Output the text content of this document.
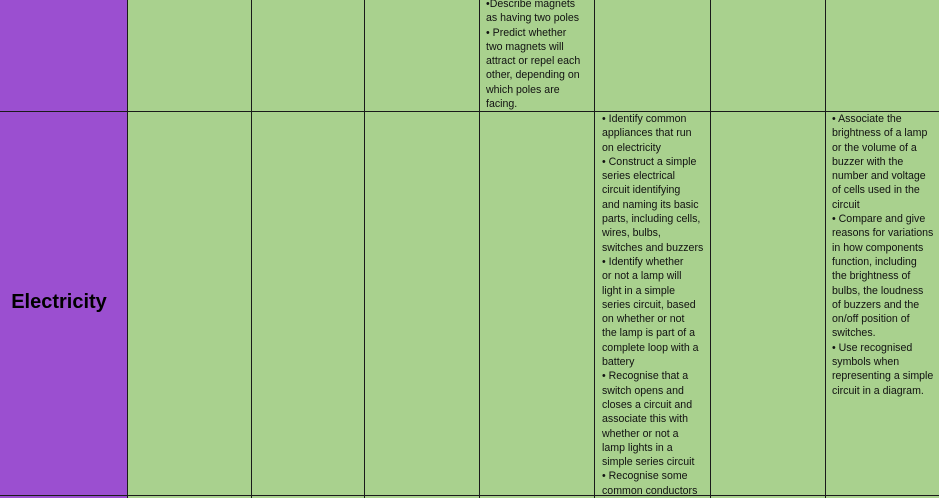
•Describe magnets
as having two poles
• Predict whether
two magnets will
attract or repel each
other, depending on
which poles are
facing.
Electricity
• Identify common
appliances that run
on electricity
• Construct a simple
series electrical
circuit identifying
and naming its basic
parts, including cells,
wires, bulbs,
switches and buzzers
• Identify whether
or not a lamp will
light in a simple
series circuit, based
on whether or not
the lamp is part of a
complete loop with a
battery
• Recognise that a
switch opens and
closes a circuit and
associate this with
whether or not a
lamp lights in a
simple series circuit
• Recognise some
common conductors
• Associate the
brightness of a lamp
or the volume of a
buzzer with the
number and voltage
of cells used in the
circuit
• Compare and give
reasons for variations
in how components
function, including
the brightness of
bulbs, the loudness
of buzzers and the
on/off position of
switches.
• Use recognised
symbols when
representing a simple
circuit in a diagram.
